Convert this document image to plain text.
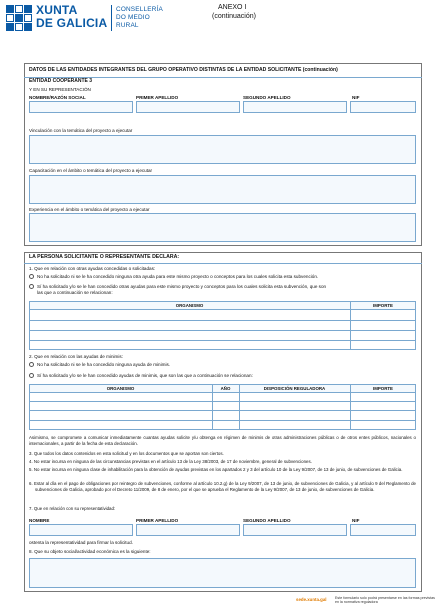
XUNTA
DE GALICIA
CONSELLERÍA
DO MEDIO
RURAL
ANEXO I
(continuación)
DATOS DE LAS ENTIDADES INTEGRANTES DEL GRUPO OPERATIVO DISTINTAS DE LA ENTIDAD SOLICITANTE (continuación)
ENTIDAD COOPERANTE 3
Y EN SU REPRESENTACIÓN
NOMBRE/RAZÓN SOCIAL	PRIMER APELLIDO	SEGUNDO APELLIDO	NIF
Vinculación con la temática del proyecto a ejecutar
Capacitación en el ámbito o temática del proyecto a ejecutar
Experiencia en el ámbito o temática del proyecto a ejecutar
LA PERSONA SOLICITANTE O REPRESENTANTE DECLARA:
1. Que en relación con otras ayudas concedidas o solicitadas:
No ha solicitado ni se le ha concedido ninguna otra ayuda para este mismo proyecto o conceptos para los cuales solicita esta subvención.
Sí ha solicitado y/o se le han concedido otras ayudas para este mismo proyecto y conceptos para los cuales solicita esta subvención, que son
las que a continuación se relacionan:
ORGANISMO	IMPORTE
2. Que en relación con las ayudas de minimis:
No ha solicitado ni se le ha concedido ninguna ayuda de minimis.
Sí ha solicitado y/o se le han concedido ayudas de minimis, que son las que a continuación se relacionan:
ORGANISMO	AÑO	DISPOSICIÓN REGULADORA	IMPORTE
Asimismo, se compromete a comunicar inmediatamente cuantas ayudas solicite y/u obtenga en régimen de minimis de otras administraciones públicas o de otros entes públicos, nacionales o internacionales, a partir de la fecha de esta declaración.
3. Que todos los datos contenidos en esta solicitud y en los documentos que se aportan son ciertos.
4. No estar incursa en ninguna de las circunstancias previstas en el artículo 13 de la Ley 38/2003, de 17 de noviembre, general de subvenciones.
5. No estar incursa en ninguna clase de inhabilitación para la obtención de ayudas previstas en los apartados 2 y 3 del artículo 10 de la Ley 9/2007, de 13 de junio, de subvenciones de Galicia.
6. Estar al día en el pago de obligaciones por reintegro de subvenciones, conforme al artículo 10.2.g) de la Ley 9/2007, de 13 de junio, de subvenciones de Galicia, y al artículo 9 del Reglamento de subvenciones de Galicia, aprobado por el Decreto 11/2009, de 8 de enero, por el que se aprueba el Reglamento de la Ley 9/2007, de 13 de junio, de subvenciones de Galicia.
7. Que en relación con su representatividad:
NOMBRE	PRIMER APELLIDO	SEGUNDO APELLIDO	NIF
ostenta la representatividad para firmar la solicitud.
8. Que su objeto social/actividad económica es la siguiente:
sede.xunta.gal Este formulario solo podrá presentarse en las formas previstas en la normativa reguladora
